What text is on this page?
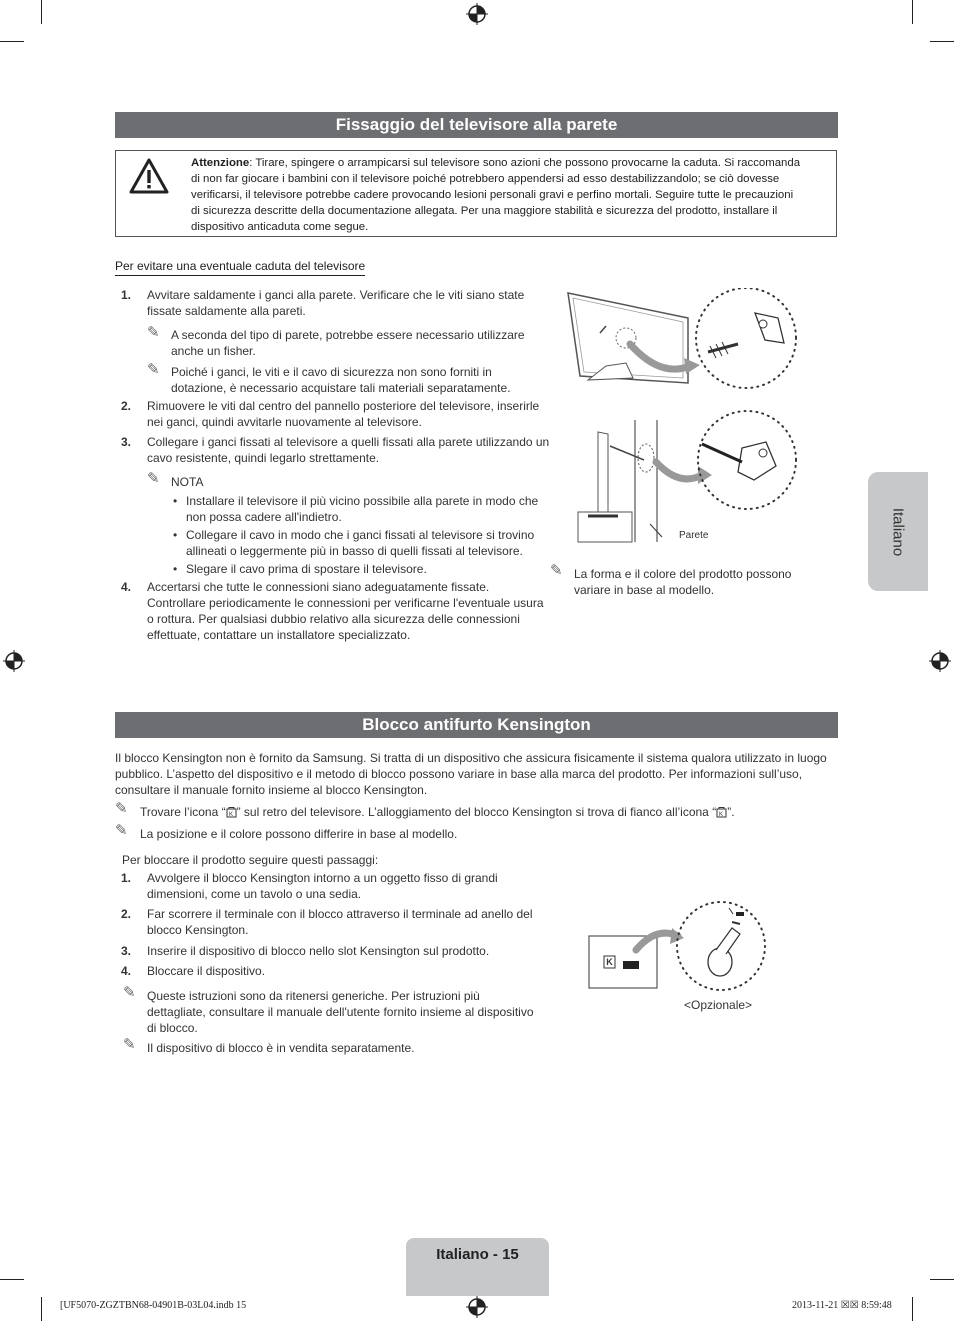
Fissaggio del televisore alla parete
Attenzione: Tirare, spingere o arrampicarsi sul televisore sono azioni che possono provocarne la caduta. Si raccomanda
di non far giocare i bambini con il televisore poiché potrebbero appendersi ad esso destabilizzandolo; se ciò dovesse
verificarsi, il televisore potrebbe cadere provocando lesioni personali gravi e perfino mortali. Seguire tutte le precauzioni
di sicurezza descritte della documentazione allegata. Per una maggiore stabilità e sicurezza del prodotto, installare il
dispositivo anticaduta come segue.
Per evitare una eventuale caduta del televisore
1. Avvitare saldamente i ganci alla parete. Verificare che le viti siano state
fissate saldamente alla pareti.
✎ A seconda del tipo di parete, potrebbe essere necessario utilizzare
anche un fisher.
✎ Poiché i ganci, le viti e il cavo di sicurezza non sono forniti in
dotazione, è necessario acquistare tali materiali separatamente.
2. Rimuovere le viti dal centro del pannello posteriore del televisore, inserirle
nei ganci, quindi avvitarle nuovamente al televisore.
3. Collegare i ganci fissati al televisore a quelli fissati alla parete utilizzando un
cavo resistente, quindi legarlo strettamente.
✎ NOTA
• Installare il televisore il più vicino possibile alla parete in modo che
non possa cadere all'indietro.
• Collegare il cavo in modo che i ganci fissati al televisore si trovino
allineati o leggermente più in basso di quelli fissati al televisore.
• Slegare il cavo prima di spostare il televisore.
4. Accertarsi che tutte le connessioni siano adeguatamente fissate.
Controllare periodicamente le connessioni per verificarne l'eventuale usura
o rottura. Per qualsiasi dubbio relativo alla sicurezza delle connessioni
effettuate, contattare un installatore specializzato.
Parete
✎ La forma e il colore del prodotto possono
variare in base al modello.
Italiano
Blocco antifurto Kensington
Il blocco Kensington non è fornito da Samsung. Si tratta di un dispositivo che assicura fisicamente il sistema qualora utilizzato in luogo
pubblico. L’aspetto del dispositivo e il metodo di blocco possono variare in base alla marca del prodotto. Per informazioni sull’uso,
consultare il manuale fornito insieme al blocco Kensington.
✎ Trovare l’icona “ K ” sul retro del televisore. L’alloggiamento del blocco Kensington si trova di fianco all’icona “ K ”.
✎ La posizione e il colore possono differire in base al modello.
Per bloccare il prodotto seguire questi passaggi:
1. Avvolgere il blocco Kensington intorno a un oggetto fisso di grandi
dimensioni, come un tavolo o una sedia.
2. Far scorrere il terminale con il blocco attraverso il terminale ad anello del
blocco Kensington.
3. Inserire il dispositivo di blocco nello slot Kensington sul prodotto.
4. Bloccare il dispositivo.
✎ Queste istruzioni sono da ritenersi generiche. Per istruzioni più
dettagliate, consultare il manuale dell'utente fornito insieme al dispositivo
di blocco.
✎ Il dispositivo di blocco è in vendita separatamente.
K
<Opzionale>
Italiano - 15
[UF5070-ZGZTBN68-04901B-03L04.indb 15	2013-11-21 ☒☒ 8:59:48
